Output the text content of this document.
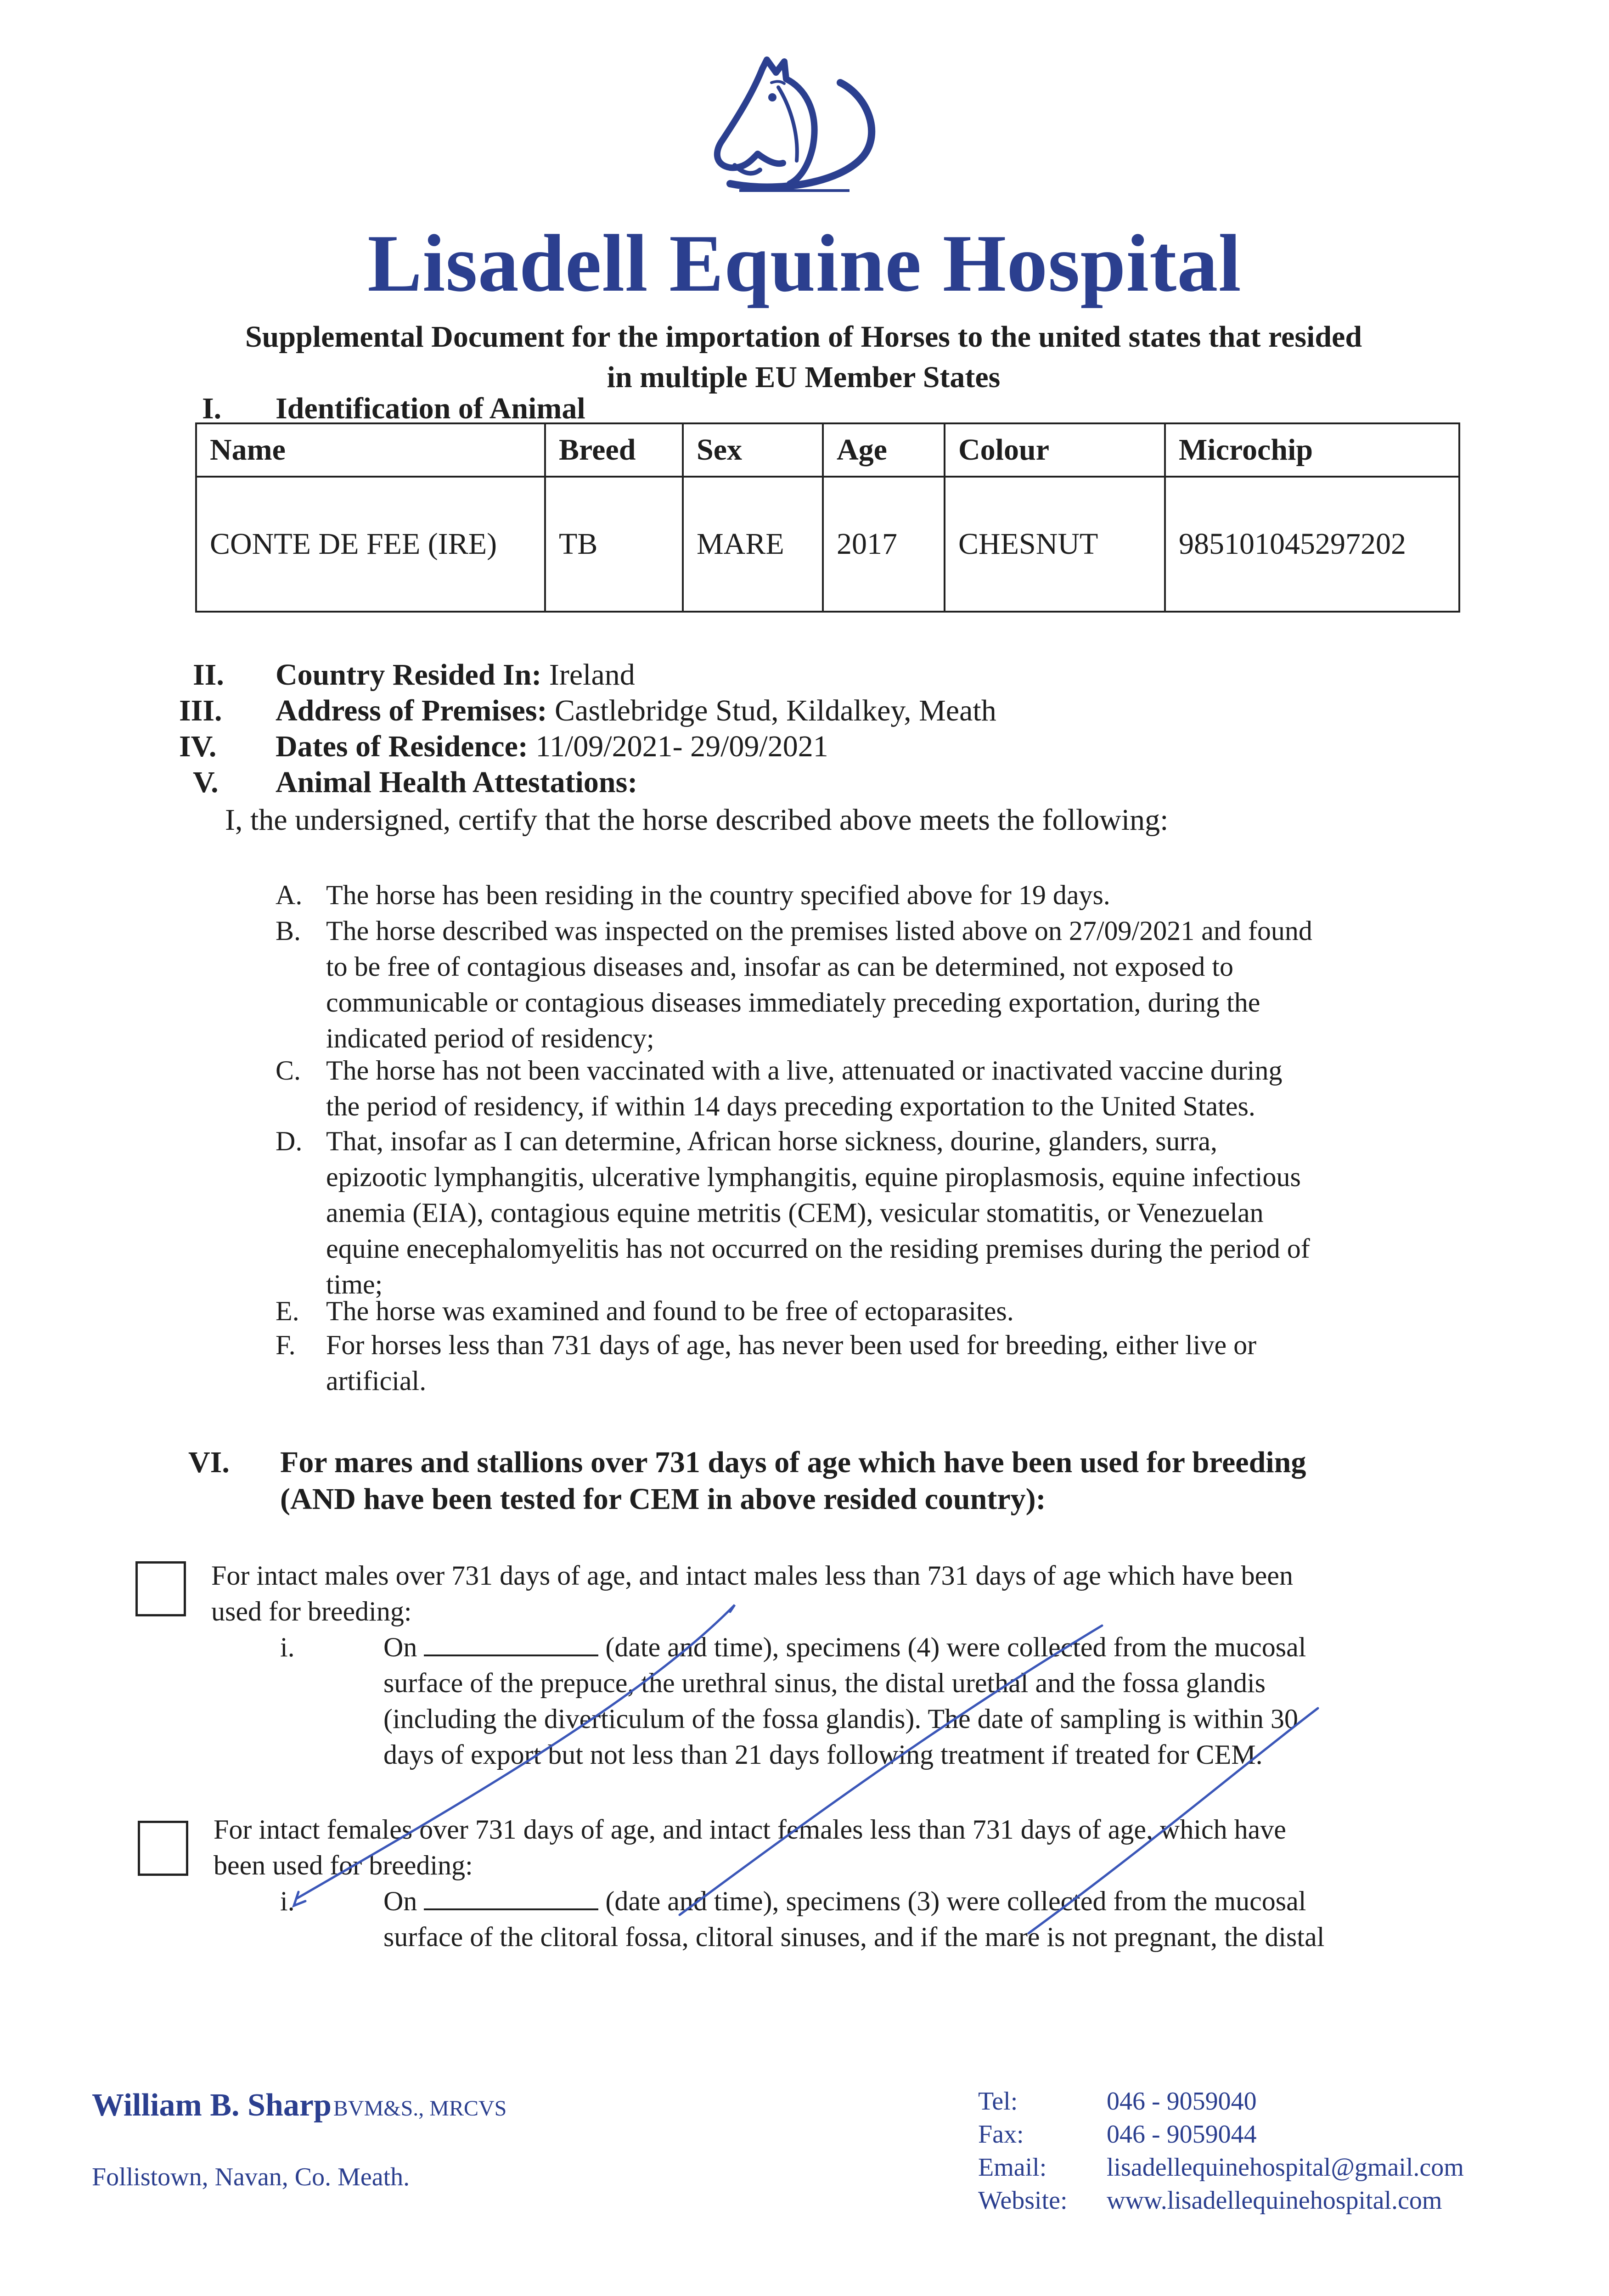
Lisadell Equine Hospital
Supplemental Document for the importation of Horses to the united states that resided
in multiple EU Member States
I. Identification of Animal
Name	Breed	Sex	Age	Colour	Microchip
CONTE DE FEE (IRE)	TB	MARE	2017	CHESNUT	985101045297202
II. Country Resided In: Ireland
III. Address of Premises: Castlebridge Stud, Kildalkey, Meath
IV. Dates of Residence: 11/09/2021- 29/09/2021
V. Animal Health Attestations:
I, the undersigned, certify that the horse described above meets the following:
A. The horse has been residing in the country specified above for 19 days.
B. The horse described was inspected on the premises listed above on 27/09/2021 and found
to be free of contagious diseases and, insofar as can be determined, not exposed to
communicable or contagious diseases immediately preceding exportation, during the
indicated period of residency;
C. The horse has not been vaccinated with a live, attenuated or inactivated vaccine during
the period of residency, if within 14 days preceding exportation to the United States.
D. That, insofar as I can determine, African horse sickness, dourine, glanders, surra,
epizootic lymphangitis, ulcerative lymphangitis, equine piroplasmosis, equine infectious
anemia (EIA), contagious equine metritis (CEM), vesicular stomatitis, or Venezuelan
equine enecephalomyelitis has not occurred on the residing premises during the period of
time;
E. The horse was examined and found to be free of ectoparasites.
F. For horses less than 731 days of age, has never been used for breeding, either live or
artificial.
VI. For mares and stallions over 731 days of age which have been used for breeding
(AND have been tested for CEM in above resided country):
For intact males over 731 days of age, and intact males less than 731 days of age which have been
used for breeding:
i.	On	(date and time), specimens (4) were collected from the mucosal
surface of the prepuce, the urethral sinus, the distal urethal and the fossa glandis
(including the diverticulum of the fossa glandis). The date of sampling is within 30
days of export but not less than 21 days following treatment if treated for CEM.
For intact females over 731 days of age, and intact females less than 731 days of age, which have
been used for breeding:
i.	On	(date and time), specimens (3) were collected from the mucosal
surface of the clitoral fossa, clitoral sinuses, and if the mare is not pregnant, the distal
William B. Sharp BVM&S., MRCVS
Follistown, Navan, Co. Meath.
Tel:	046 - 9059040
Fax:	046 - 9059044
Email: lisadellequinehospital@gmail.com
Website: www.lisadellequinehospital.com
